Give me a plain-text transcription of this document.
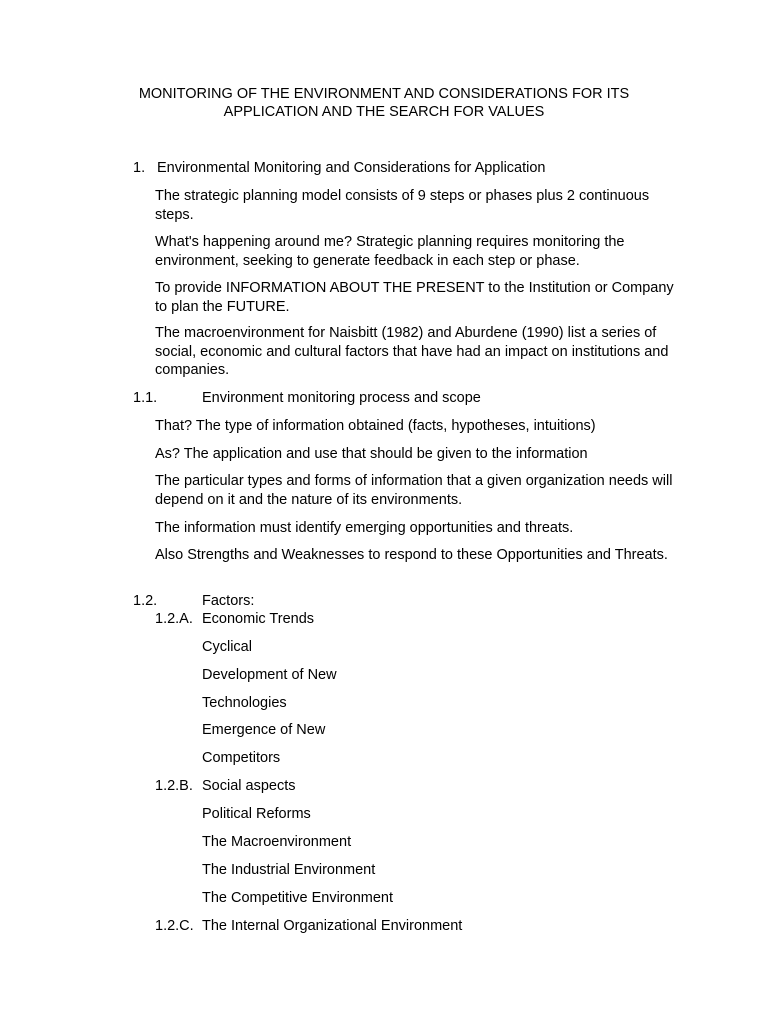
MONITORING OF THE ENVIRONMENT AND CONSIDERATIONS FOR ITS
APPLICATION AND THE SEARCH FOR VALUES
1. Environmental Monitoring and Considerations for Application
The strategic planning model consists of 9 steps or phases plus 2 continuous steps.
What's happening around me? Strategic planning requires monitoring the environment, seeking to generate feedback in each step or phase.
To provide INFORMATION ABOUT THE PRESENT to the Institution or Company to plan the FUTURE.
The macroenvironment for Naisbitt (1982) and Aburdene (1990) list a series of social, economic and cultural factors that have had an impact on institutions and companies.
1.1.	Environment monitoring process and scope
That? The type of information obtained (facts, hypotheses, intuitions)
As? The application and use that should be given to the information
The particular types and forms of information that a given organization needs will depend on it and the nature of its environments.
The information must identify emerging opportunities and threats.
Also Strengths and Weaknesses to respond to these Opportunities and Threats.
1.2.	Factors:
1.2.A. Economic Trends
Cyclical
Development of New
Technologies
Emergence of New
Competitors
1.2.B. Social aspects
Political Reforms
The Macroenvironment
The Industrial Environment
The Competitive Environment
1.2.C. The Internal Organizational Environment
